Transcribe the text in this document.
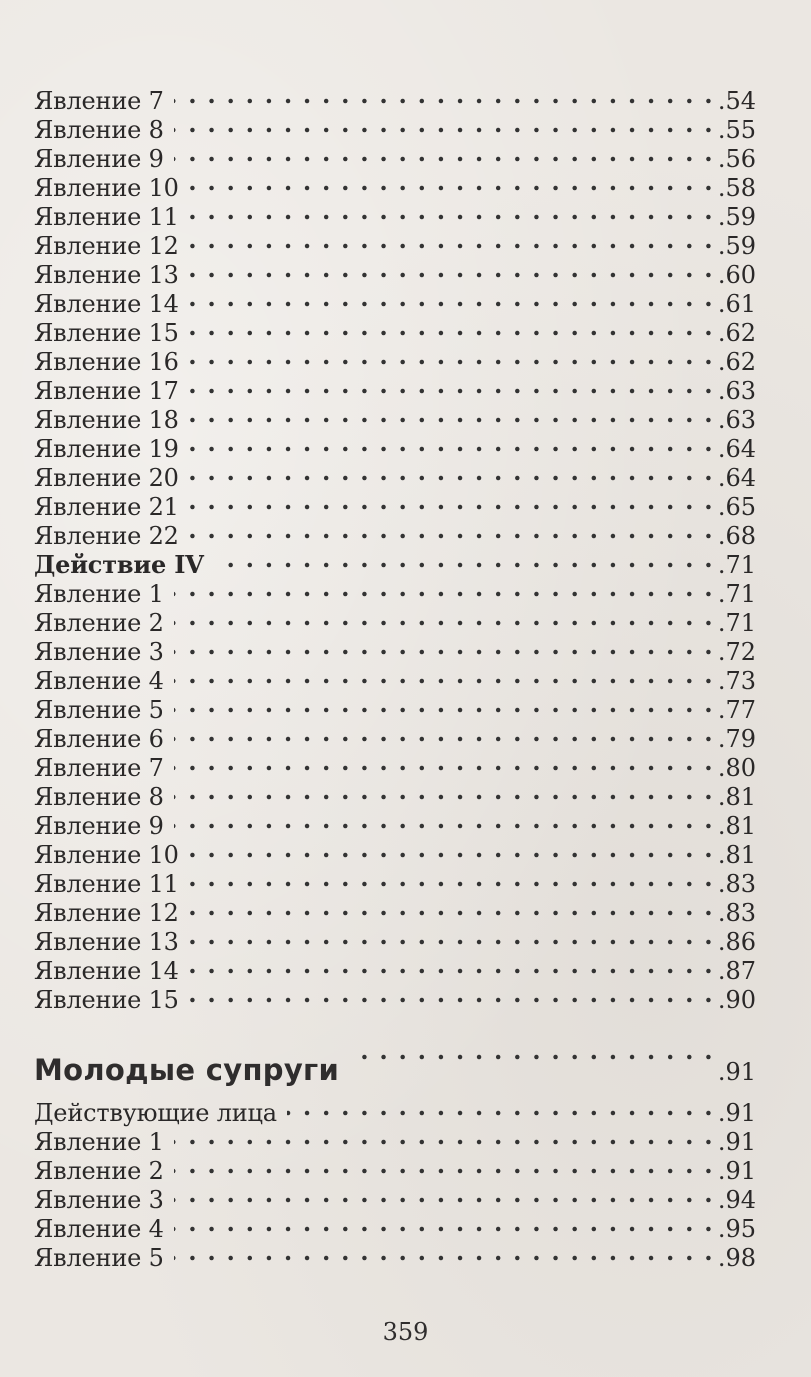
Явление 7 . . .	.54
Явление 8 . . .	.55
Явление 9 . . .	.56
Явление 10 . . .	.58
Явление 11 . . .	.59
Явление 12 . . .	.59
Явление 13 . . .	.60
Явление 14 . . .	.61
Явление 15 . . .	.62
Явление 16 . . .	.62
Явление 17 . . .	.63
Явление 18 . . .	.63
Явление 19 . . .	.64
Явление 20 . . .	.64
Явление 21 . . .	.65
Явление 22 . . .	.68
Действие IV . . .	.71
Явление 1 . . .	.71
Явление 2 . . .	.71
Явление 3 . . .	.72
Явление 4 . . .	.73
Явление 5 . . .	.77
Явление 6 . . .	.79
Явление 7 . . .	.80
Явление 8 . . .	.81
Явление 9 . . .	.81
Явление 10 . . .	.81
Явление 11 . . .	.83
Явление 12 . . .	.83
Явление 13 . . .	.86
Явление 14 . . .	.87
Явление 15 . . .	.90
Молодые супруги . . .	.91
Действующие лица . . .	.91
Явление 1 . . .	.91
Явление 2 . . .	.91
Явление 3 . . .	.94
Явление 4 . . .	.95
Явление 5 . . .	.98
359
